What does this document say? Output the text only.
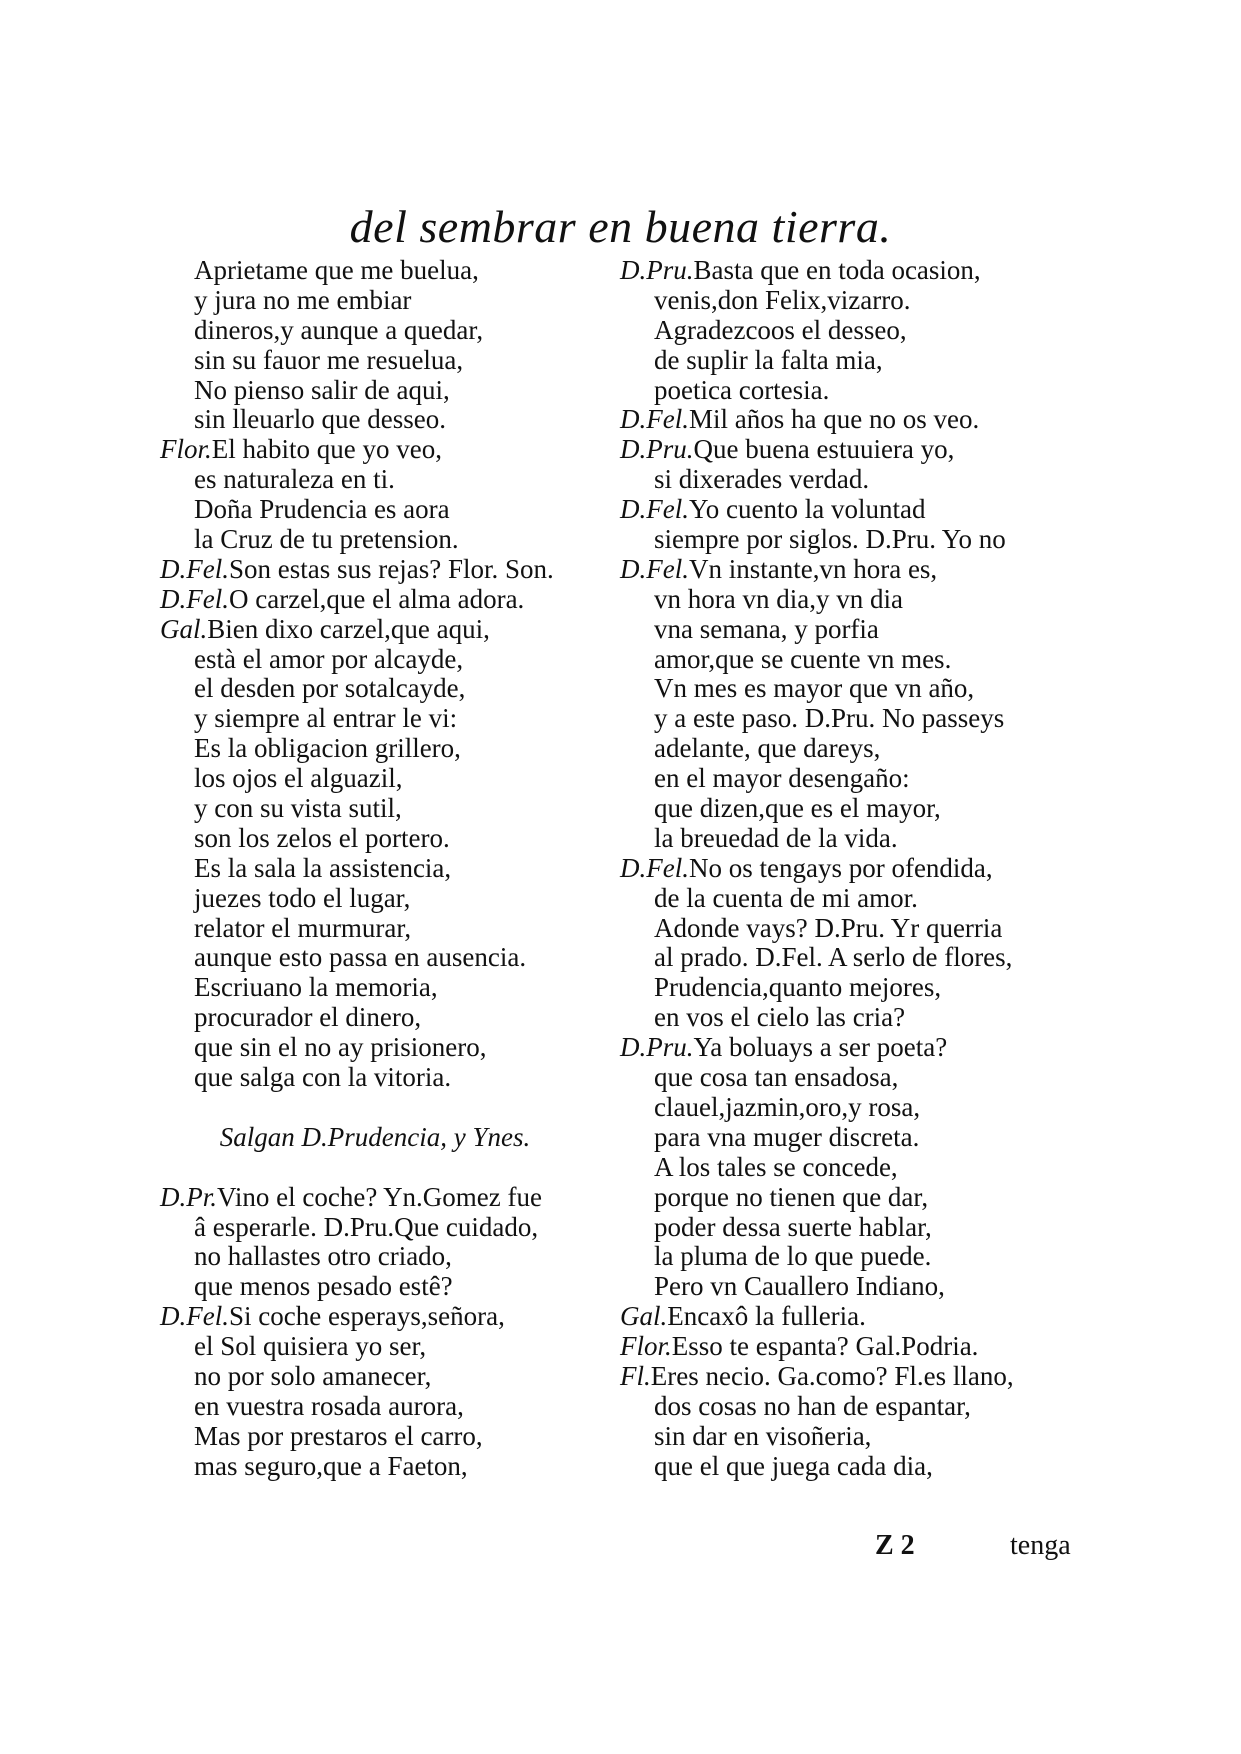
del sembrar en buena tierra.
Aprietame que me buelua,
y jura no me embiar
dineros,y aunque a quedar,
sin su fauor me resuelua,
No pienso salir de aqui,
sin lleuarlo que desseo.
Flor.El habito que yo veo,
es naturaleza en ti.
Doña Prudencia es aora
la Cruz de tu pretension.
D.Fel.Son estas sus rejas? Flor. Son.
D.Fel.O carzel,que el alma adora.
Gal.Bien dixo carzel,que aqui,
està el amor por alcayde,
el desden por sotalcayde,
y siempre al entrar le vi:
Es la obligacion grillero,
los ojos el alguazil,
y con su vista sutil,
son los zelos el portero.
Es la sala la assistencia,
juezes todo el lugar,
relator el murmurar,
aunque esto passa en ausencia.
Escriuano la memoria,
procurador el dinero,
que sin el no ay prisionero,
que salga con la vitoria.
Salgan D.Prudencia, y Ynes.
D.Pr.Vino el coche? Yn.Gomez fue
â esperarle. D.Pru.Que cuidado,
no hallastes otro criado,
que menos pesado estê?
D.Fel.Si coche esperays,señora,
el Sol quisiera yo ser,
no por solo amanecer,
en vuestra rosada aurora,
Mas por prestaros el carro,
mas seguro,que a Faeton,
D.Pru.Basta que en toda ocasion,
venis,don Felix,vizarro.
Agradezcoos el desseo,
de suplir la falta mia,
poetica cortesia.
D.Fel.Mil años ha que no os veo.
D.Pru.Que buena estuuiera yo,
si dixerades verdad.
D.Fel.Yo cuento la voluntad
siempre por siglos. D.Pru. Yo no
D.Fel.Vn instante,vn hora es,
vn hora vn dia,y vn dia
vna semana, y porfia
amor,que se cuente vn mes.
Vn mes es mayor que vn año,
y a este paso. D.Pru. No passeys
adelante, que dareys,
en el mayor desengaño:
que dizen,que es el mayor,
la breuedad de la vida.
D.Fel.No os tengays por ofendida,
de la cuenta de mi amor.
Adonde vays? D.Pru. Yr querria
al prado. D.Fel. A serlo de flores,
Prudencia,quanto mejores,
en vos el cielo las cria?
D.Pru.Ya boluays a ser poeta?
que cosa tan ensadosa,
clauel,jazmin,oro,y rosa,
para vna muger discreta.
A los tales se concede,
porque no tienen que dar,
poder dessa suerte hablar,
la pluma de lo que puede.
Pero vn Cauallero Indiano,
Gal.Encaxô la fulleria.
Flor.Esso te espanta? Gal.Podria.
Fl.Eres necio. Ga.como? Fl.es llano,
dos cosas no han de espantar,
sin dar en visoñeria,
que el que juega cada dia,
Z 2	tenga
